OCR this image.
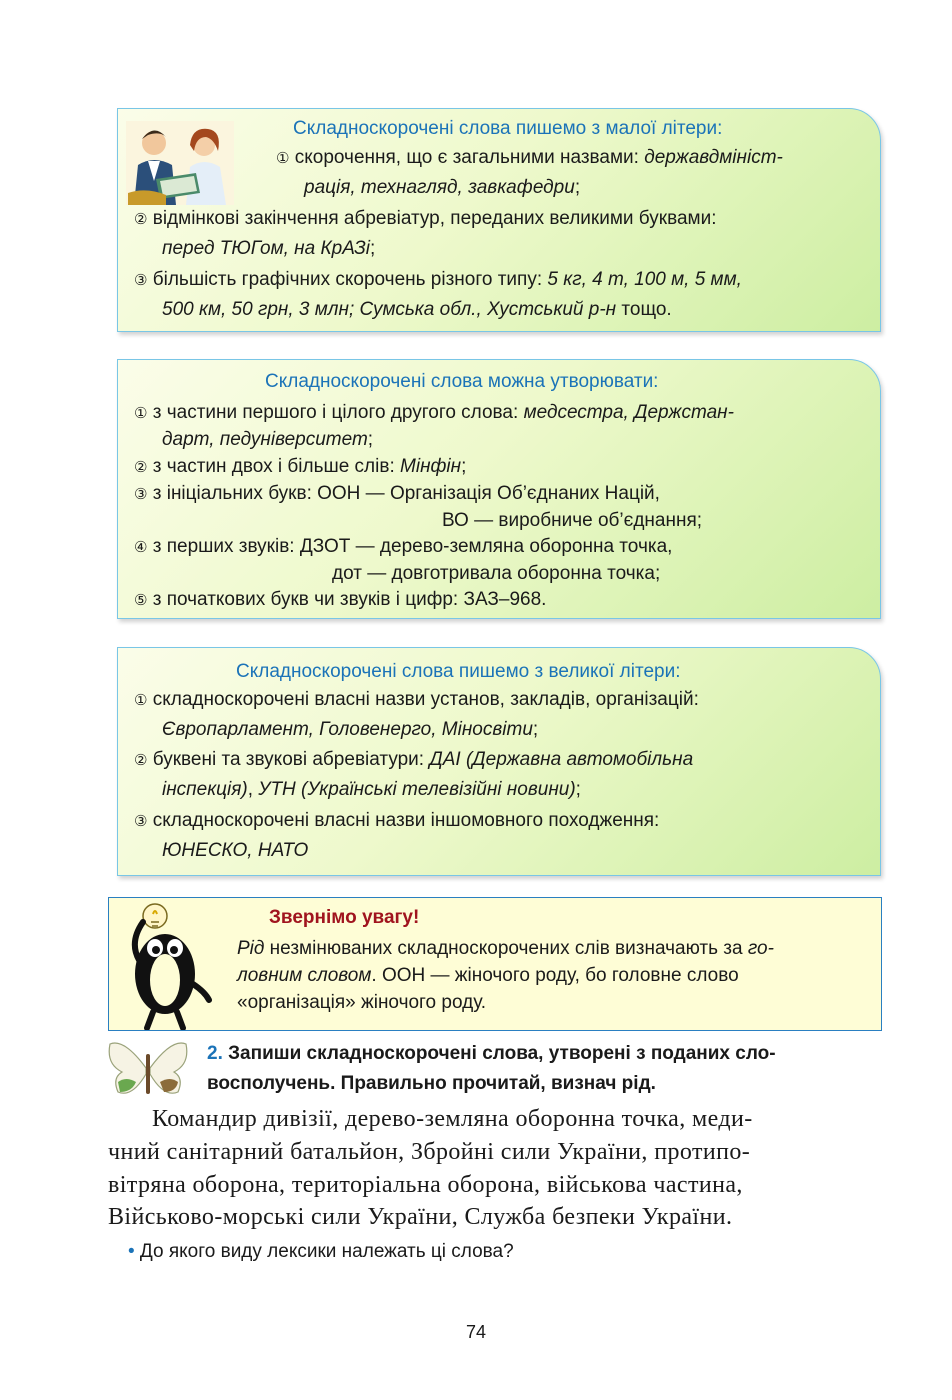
Складноскорочені слова пишемо з малої літери:
① скорочення, що є загальними назвами: державдмініст-
рація, технагляд, завкафедри;
② відмінкові закінчення абревіатур, переданих великими буквами:
перед ТЮГом, на КрАЗі;
③ більшість графічних скорочень різного типу: 5 кг, 4 т, 100 м, 5 мм,
500 км, 50 грн, 3 млн; Сумська обл., Хустський р-н тощо.
Складноскорочені слова можна утворювати:
① з частини першого і цілого другого слова: медсестра, Держстан-
дарт, педуніверситет;
② з частин двох і більше слів: Мінфін;
③ з ініціальних букв: ООН — Організація Об’єднаних Націй,
ВО — виробниче об’єднання;
④ з перших звуків: ДЗОТ — дерево-земляна оборонна точка,
дот — довготривала оборонна точка;
⑤ з початкових букв чи звуків і цифр: ЗАЗ–968.
Складноскорочені слова пишемо з великої літери:
① складноскорочені власні назви установ, закладів, організацій:
Європарламент, Головенерго, Міносвіти;
② буквені та звукові абревіатури: ДАІ (Державна автомобільна
інспекція), УТН (Українські телевізійні новини);
③ складноскорочені власні назви іншомовного походження:
ЮНЕСКО, НАТО
Звернімо увагу!
Рід незмінюваних складноскорочених слів визначають за го-
ловним словом. ООН — жіночого роду, бо головне слово
«організація» жіночого роду.
2. Запиши складноскорочені слова, утворені з поданих сло-
восполучень. Правильно прочитай, визнач рід.
Командир дивізії, дерево-земляна оборонна точка, меди-
чний санітарний батальйон, Збройні сили України, протипо-
вітряна оборона, територіальна оборона, військова частина,
Військово-морські сили України, Служба безпеки України.
• До якого виду лексики належать ці слова?
74
